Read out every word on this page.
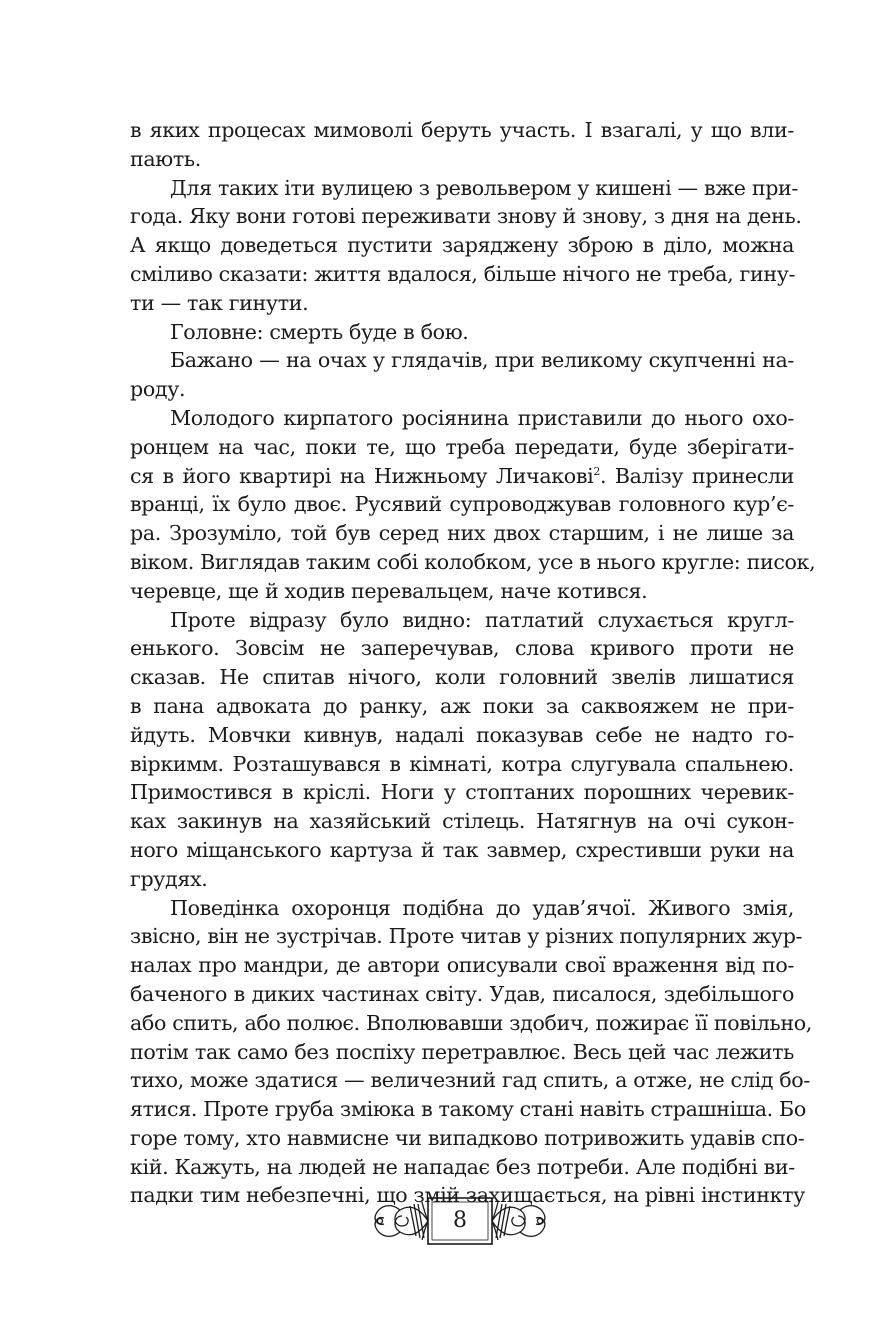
в яких процесах мимоволі беруть участь. І взагалі, у що вли-
пають.
Для таких іти вулицею з револьвером у кишені — вже при-
года. Яку вони готові переживати знову й знову, з дня на день.
А якщо доведеться пустити заряджену зброю в діло, можна
сміливо сказати: життя вдалося, більше нічого не треба, гину-
ти — так гинути.
Головне: смерть буде в бою.
Бажано — на очах у глядачів, при великому скупченні на-
роду.
Молодого кирпатого росіянина приставили до нього охо-
ронцем на час, поки те, що треба передати, буде зберігати-
ся в його квартирі на Нижньому Личакові$^2$. Валізу принесли
вранці, їх було двоє. Русявий супроводжував головного кур’є-
ра. Зрозуміло, той був серед них двох старшим, і не лише за
віком. Виглядав таким собі колобком, усе в нього кругле: писок,
черевце, ще й ходив перевальцем, наче котився.
Проте відразу було видно: патлатий слухається кругл-
енького. Зовсім не заперечував, слова кривого проти не
сказав. Не спитав нічого, коли головний звелів лишатися
в пана адвоката до ранку, аж поки за саквояжем не при-
йдуть. Мовчки кивнув, надалі показував себе не надто го-
віркимм. Розташувався в кімнаті, котра слугувала спальнею.
Примостився в кріслі. Ноги у стоптаних порошних черевик-
ках закинув на хазяйський стілець. Натягнув на очі сукон-
ного міщанського картуза й так завмер, схрестивши руки на
грудях.
Поведінка охоронця подібна до удав’ячої. Живого змія,
звісно, він не зустрічав. Проте читав у різних популярних жур-
налах про мандри, де автори описували свої враження від по-
баченого в диких частинах світу. Удав, писалося, здебільшого
або спить, або полює. Вполювавши здобич, пожирає її повільно,
потім так само без поспіху перетравлює. Весь цей час лежить
тихо, може здатися — величезний гад спить, а отже, не слід бо-
ятися. Проте груба зміюка в такому стані навіть страшніша. Бо
горе тому, хто навмисне чи випадково потривожить удавів спо-
кій. Кажуть, на людей не нападає без потреби. Але подібні ви-
падки тим небезпечні, що змій захищається, на рівні інстинкту
8
